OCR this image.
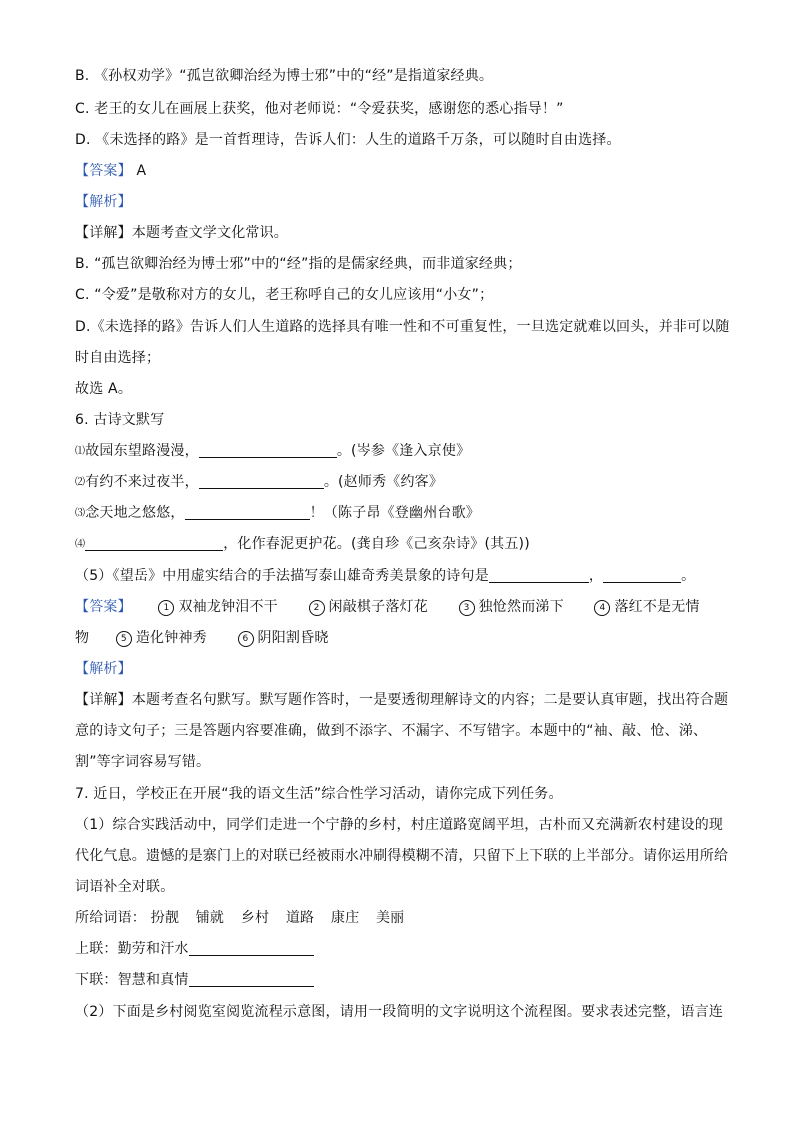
B. 《孙权劝学》“孤岂欲卿治经为博士邪”中的“经”是指道家经典。
C. 老王的女儿在画展上获奖，他对老师说：“令爱获奖，感谢您的悉心指导！”
D. 《未选择的路》是一首哲理诗，告诉人们：人生的道路千万条，可以随时自由选择。
【答案】 A
【解析】
【详解】本题考查文学文化常识。
B. “孤岂欲卿治经为博士邪”中的“经”指的是儒家经典，而非道家经典；
C. “令爱”是敬称对方的女儿，老王称呼自己的女儿应该用“小女”；
D.《未选择的路》告诉人们人生道路的选择具有唯一性和不可重复性，一旦选定就难以回头，并非可以随
时自由选择；
故选 A。
6. 古诗文默写
⑴故园东望路漫漫，	。(岑参《逢入京使》
⑵有约不来过夜半，	。(赵师秀《约客》
⑶念天地之悠悠，	！（陈子昂《登幽州台歌》
⑷	，化作春泥更护花。(龚自珍《己亥杂诗》(其五))
（5）《望岳》中用虚实结合的手法描写泰山雄奇秀美景象的诗句是	，	。
【答案】	1 双袖龙钟泪不干	2 闲敲棋子落灯花	3 独怆然而涕下	4 落红不是无情
物	5 造化钟神秀	6 阴阳割昏晓
【解析】
【详解】本题考查名句默写。默写题作答时，一是要透彻理解诗文的内容；二是要认真审题，找出符合题
意的诗文句子；三是答题内容要准确，做到不添字、不漏字、不写错字。本题中的“袖、敲、怆、涕、
割”等字词容易写错。
7. 近日，学校正在开展“我的语文生活”综合性学习活动，请你完成下列任务。
（1）综合实践活动中，同学们走进一个宁静的乡村，村庄道路宽阔平坦，古朴而又充满新农村建设的现
代化气息。遗憾的是寨门上的对联已经被雨水冲刷得模糊不清，只留下上下联的上半部分。请你运用所给
词语补全对联。
所给词语： 扮靓 铺就 乡村 道路 康庄 美丽
上联：勤劳和汗水
下联：智慧和真情
（2）下面是乡村阅览室阅览流程示意图，请用一段简明的文字说明这个流程图。要求表述完整，语言连
